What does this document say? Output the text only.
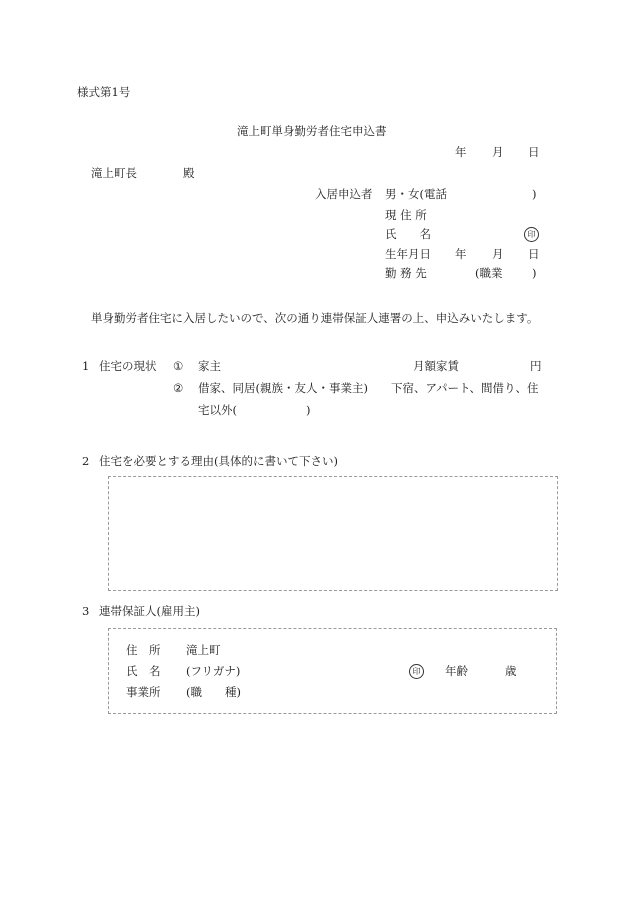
様式第1号
滝上町単身勤労者住宅申込書
年 月 日
滝上町長	殿
入居申込者 男・女(電話	)
現 住 所
氏　　名	印
生年月日 年 月 日
勤 務 先	(職業	)
単身勤労者住宅に入居したいので、次の通り連帯保証人連署の上、申込みいたします。
1 住宅の現状 ① 家主	月額家賃	円
② 借家、同居(親族・友人・事業主)　　下宿、アパート、間借り、住
宅以外(　　　　　　)
2 住宅を必要とする理由(具体的に書いて下さい)
3 連帯保証人(雇用主)
住　所 滝上町
氏　名 (フリガナ)	印	年齢	歳
事業所 (職　　種)
